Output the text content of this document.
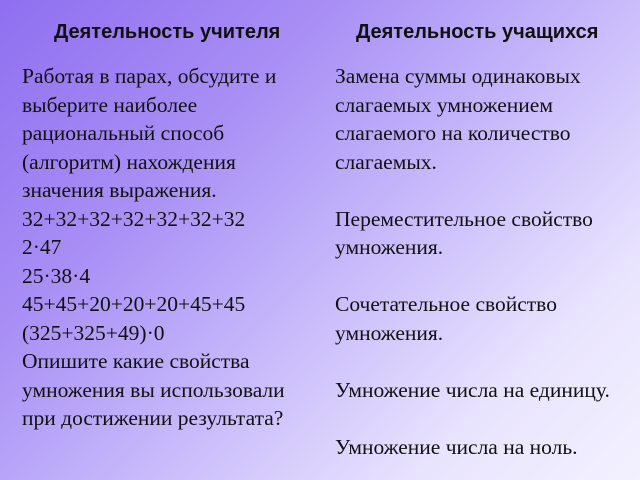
Деятельность учителя	Деятельность учащихся
Работая в парах, обсудите и
выберите наиболее
рациональный способ
(алгоритм) нахождения
значения выражения.
32+32+32+32+32+32+32
2·47
25·38·4
45+45+20+20+20+45+45
(325+325+49)·0
Опишите какие свойства
умножения вы использовали
при достижении результата?
Замена суммы одинаковых
слагаемых умножением
слагаемого на количество
слагаемых.
Переместительное свойство
умножения.
Сочетательное свойство
умножения.
Умножение числа на единицу.
Умножение числа на ноль.
